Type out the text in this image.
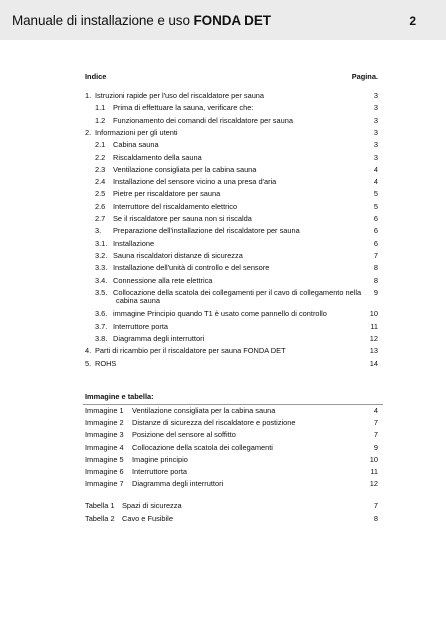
Manuale di installazione e uso FONDA DET	2
Indice	Pagina.
1. Istruzioni rapide per l'uso del riscaldatore per sauna	3
1.1 Prima di effettuare la sauna, verificare che:	3
1.2 Funzionamento dei comandi del riscaldatore per sauna	3
2. Informazioni per gli utenti	3
2.1 Cabina sauna	3
2.2 Riscaldamento della sauna	3
2.3 Ventilazione consigliata per la cabina sauna	4
2.4 Installazione del sensore vicino a una presa d'aria	4
2.5 Pietre per riscaldatore per sauna	5
2.6 Interruttore del riscaldamento elettrico	5
2.7 Se il riscaldatore per sauna non si riscalda	6
3. Preparazione dell'installazione del riscaldatore per sauna	6
3.1. Installazione	6
3.2. Sauna riscaldatori distanze di sicurezza	7
3.3. Installazione dell'unità di controllo e del sensore	8
3.4. Connessione alla rete elettrica	8
3.5. Collocazione della scatola dei collegamenti per il cavo di collegamento nella 9
cabina sauna
3.6. immagine Principio quando T1 è usato come pannello di controllo	10
3.7. Interruttore porta	11
3.8. Diagramma degli interruttori	12
4. Parti di ricambio per il riscaldatore per sauna FONDA DET	13
5. ROHS	14
Immagine e tabella:
Immagine 1 Ventilazione consigliata per la cabina sauna	4
Immagine 2 Distanze di sicurezza del riscaldatore e postizione	7
Immagine 3 Posizione del sensore al soffitto	7
Immagine 4 Collocazione della scatola dei collegamenti	9
Immagine 5 Imagine principio	10
Immagine 6 Interruttore porta	11
Immagine 7 Diagramma degli interruttori	12
Tabella 1 Spazi di sicurezza	7
Tabella 2 Cavo e Fusibile	8
